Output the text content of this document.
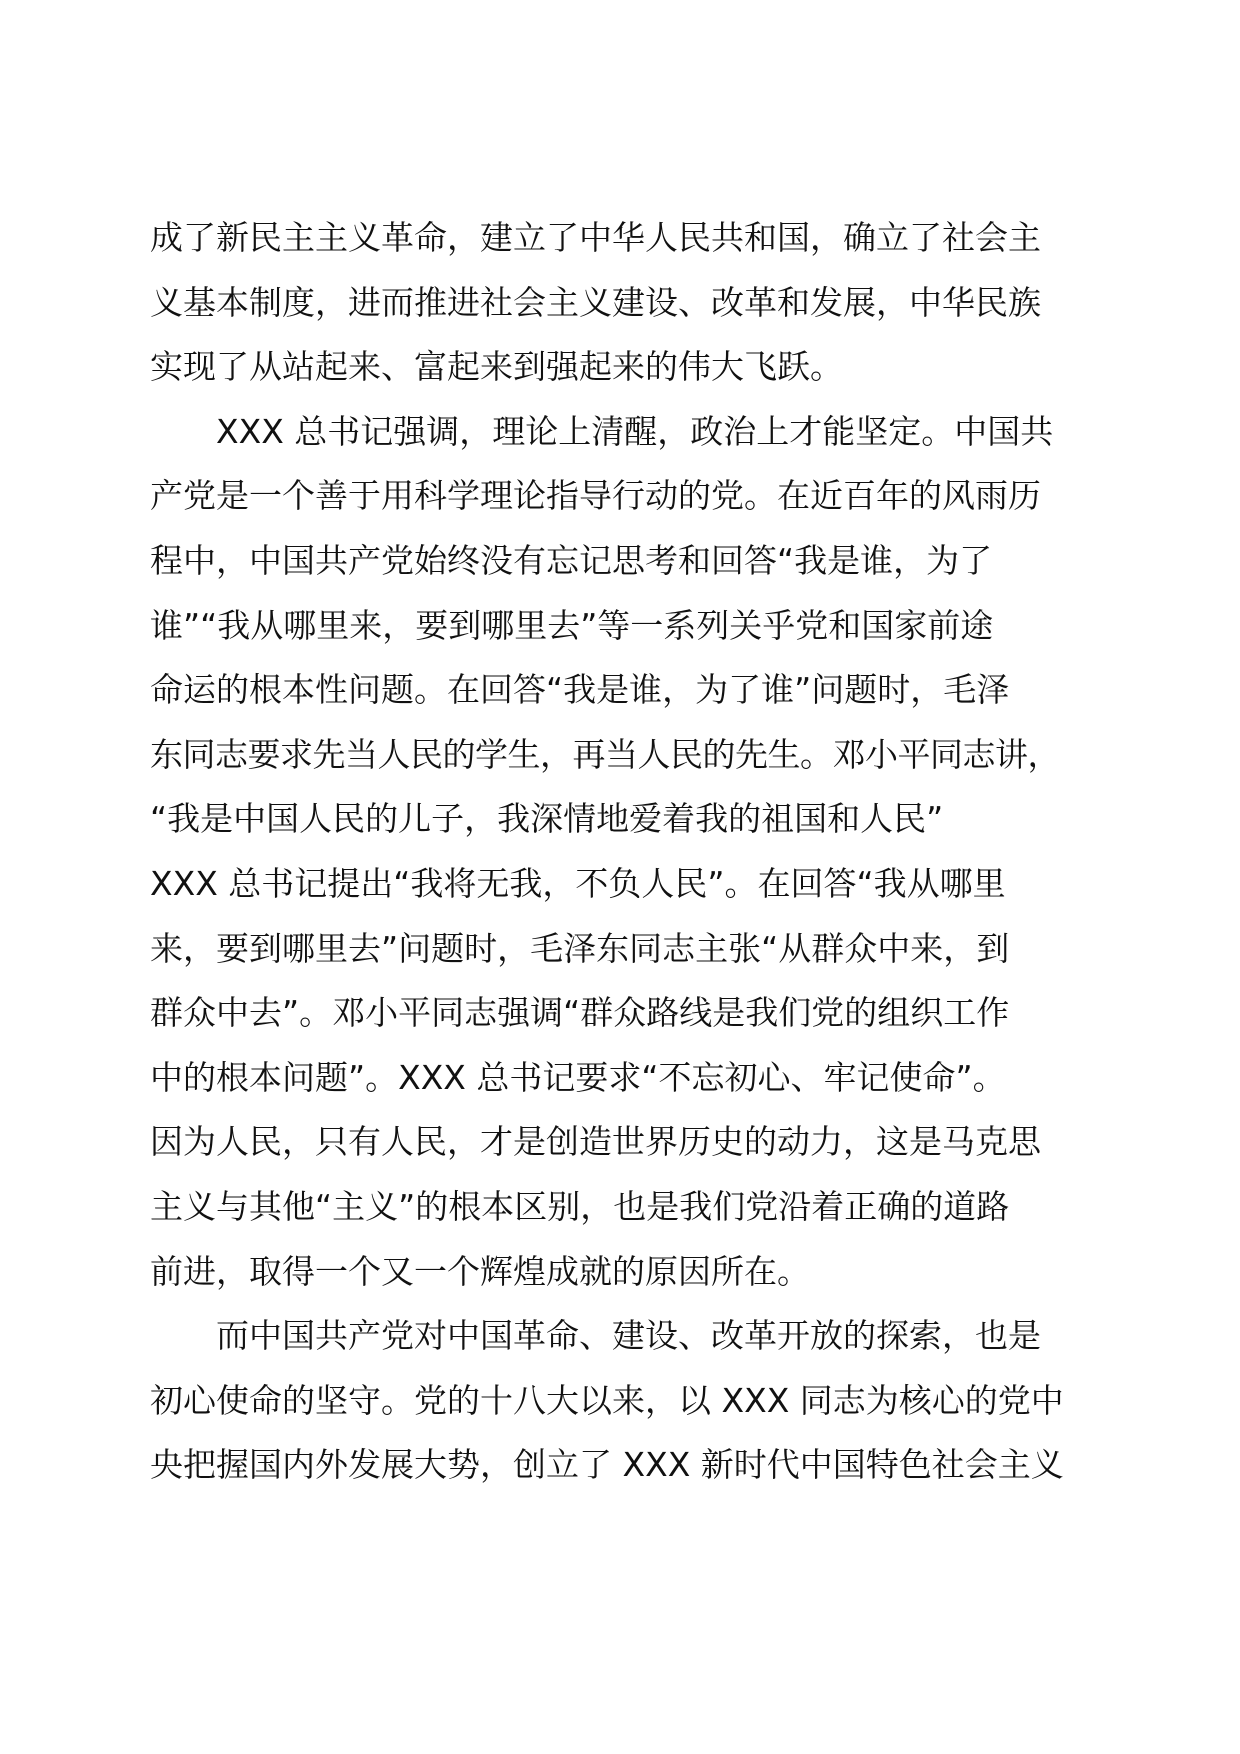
成了新民主主义革命，建立了中华人民共和国，确立了社会主
义基本制度，进而推进社会主义建设、改革和发展，中华民族
实现了从站起来、富起来到强起来的伟大飞跃。
XXX 总书记强调，理论上清醒，政治上才能坚定。中国共
产党是一个善于用科学理论指导行动的党。在近百年的风雨历
程中，中国共产党始终没有忘记思考和回答“我是谁，为了
谁”“我从哪里来，要到哪里去”等一系列关乎党和国家前途
命运的根本性问题。在回答“我是谁，为了谁”问题时，毛泽
东同志要求先当人民的学生，再当人民的先生。邓小平同志讲，
“我是中国人民的儿子，我深情地爱着我的祖国和人民”
XXX 总书记提出“我将无我，不负人民”。在回答“我从哪里
来，要到哪里去”问题时，毛泽东同志主张“从群众中来，到
群众中去”。邓小平同志强调“群众路线是我们党的组织工作
中的根本问题”。XXX 总书记要求“不忘初心、牢记使命”。
因为人民，只有人民，才是创造世界历史的动力，这是马克思
主义与其他“主义”的根本区别，也是我们党沿着正确的道路
前进，取得一个又一个辉煌成就的原因所在。
而中国共产党对中国革命、建设、改革开放的探索，也是
初心使命的坚守。党的十八大以来，以 XXX 同志为核心的党中
央把握国内外发展大势，创立了 XXX 新时代中国特色社会主义
